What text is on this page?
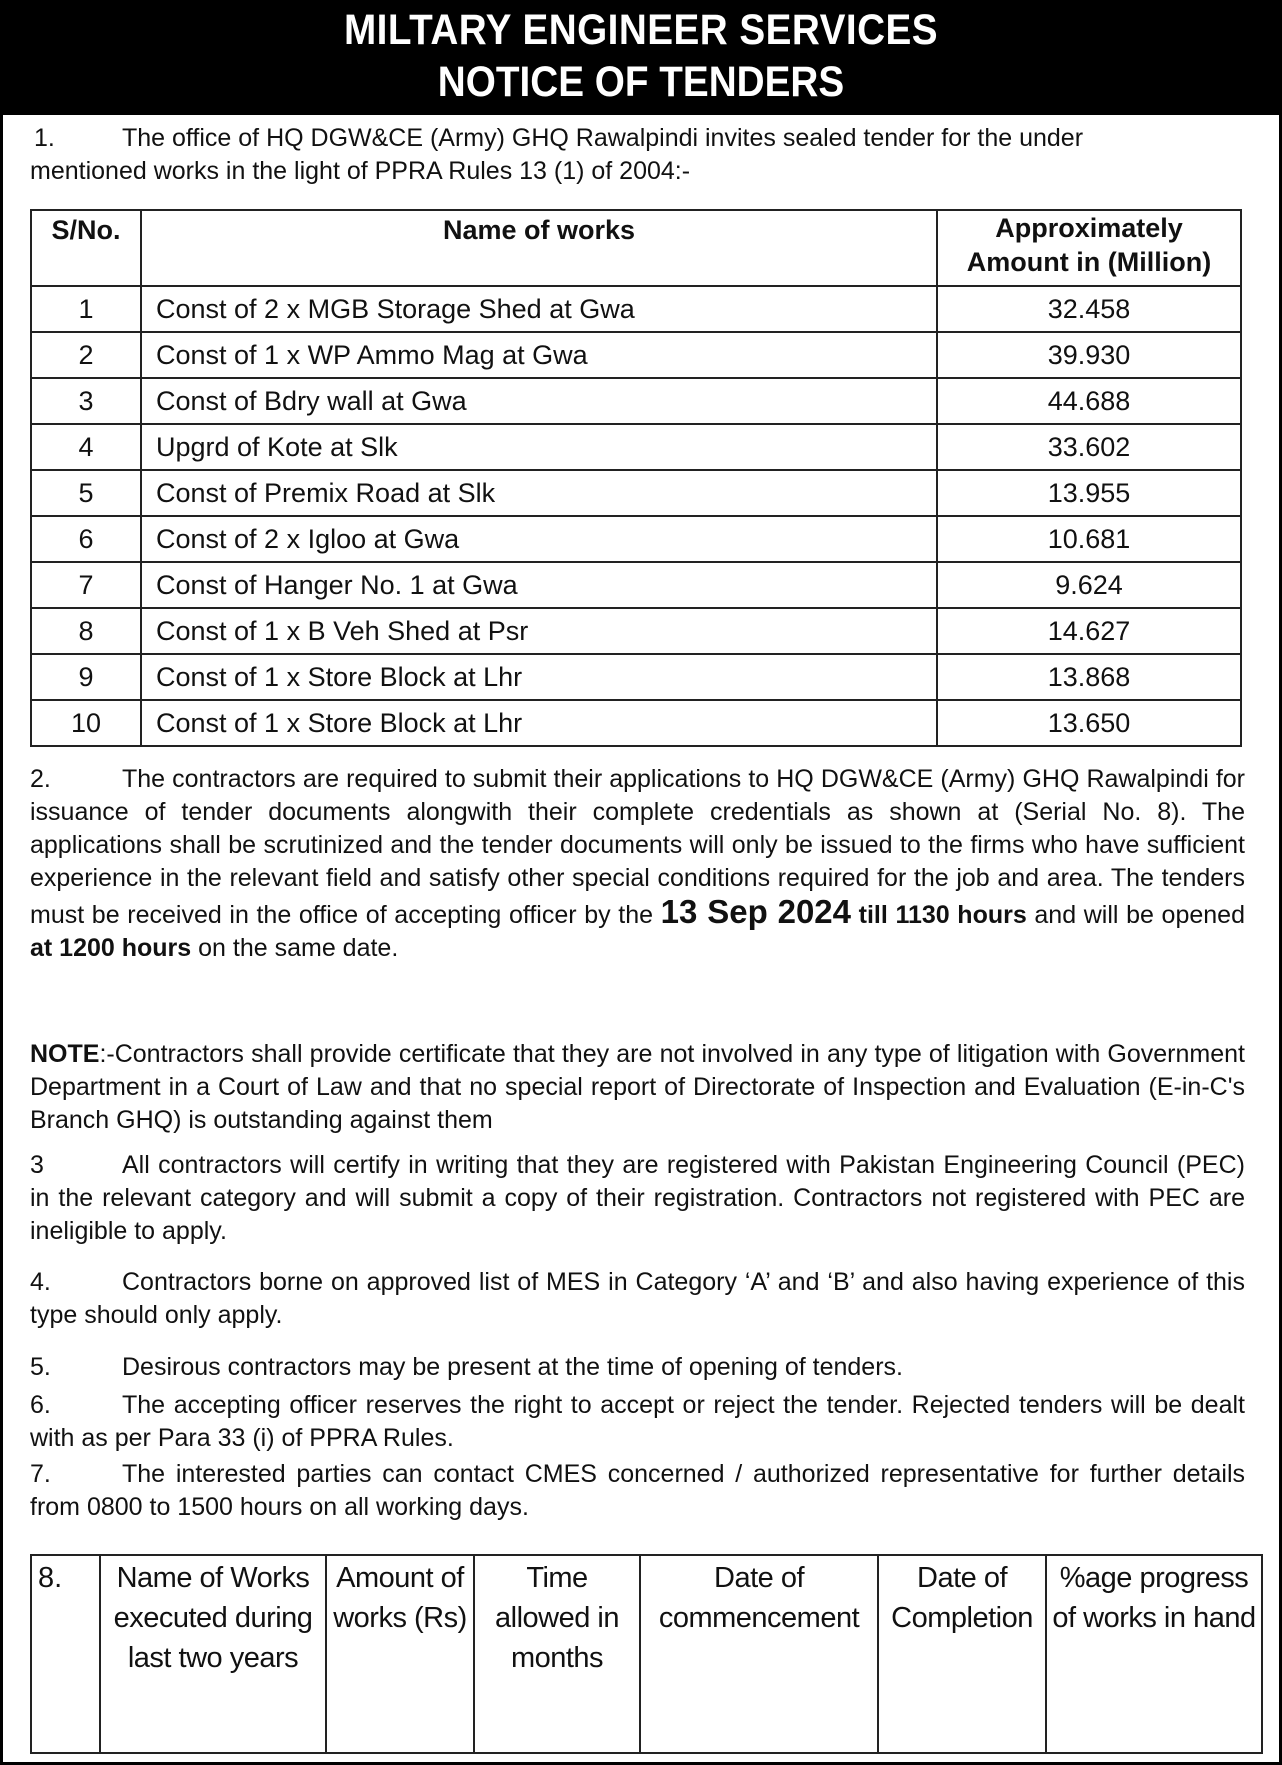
MILTARY ENGINEER SERVICES
NOTICE OF TENDERS
1.	The office of HQ DGW&CE (Army) GHQ Rawalpindi invites sealed tender for the under
mentioned works in the light of PPRA Rules 13 (1) of 2004:-
S/No.	Name of works	Approximately
Amount in (Million)
1	Const of 2 x MGB Storage Shed at Gwa	32.458
2	Const of 1 x WP Ammo Mag at Gwa	39.930
3	Const of Bdry wall at Gwa	44.688
4	Upgrd of Kote at Slk	33.602
5	Const of Premix Road at Slk	13.955
6	Const of 2 x Igloo at Gwa	10.681
7	Const of Hanger No. 1 at Gwa	9.624
8	Const of 1 x B Veh Shed at Psr	14.627
9	Const of 1 x Store Block at Lhr	13.868
10	Const of 1 x Store Block at Lhr	13.650
2.	The contractors are required to submit their applications to HQ DGW&CE (Army) GHQ Rawalpindi for issuance of tender documents alongwith their complete credentials as shown at (Serial No. 8). The applications shall be scrutinized and the tender documents will only be issued to the firms who have sufficient experience in the relevant field and satisfy other special conditions required for the job and area. The tenders must be received in the office of accepting officer by the 13 Sep 2024 till 1130 hours and will be opened at 1200 hours on the same date.
NOTE:-Contractors shall provide certificate that they are not involved in any type of litigation with Government Department in a Court of Law and that no special report of Directorate of Inspection and Evaluation (E-in-C's Branch GHQ) is outstanding against them
3	All contractors will certify in writing that they are registered with Pakistan Engineering Council (PEC) in the relevant category and will submit a copy of their registration. Contractors not registered with PEC are ineligible to apply.
4.	Contractors borne on approved list of MES in Category ‘A’ and ‘B’ and also having experience of this type should only apply.
5.	Desirous contractors may be present at the time of opening of tenders.
6.	The accepting officer reserves the right to accept or reject the tender. Rejected tenders will be dealt with as per Para 33 (i) of PPRA Rules.
7.	The interested parties can contact CMES concerned / authorized representative for further details from 0800 to 1500 hours on all working days.
8.	Name of Works executed during last two years	Amount of works (Rs)	Time allowed in months	Date of commencement	Date of Completion	%age progress of works in hand
